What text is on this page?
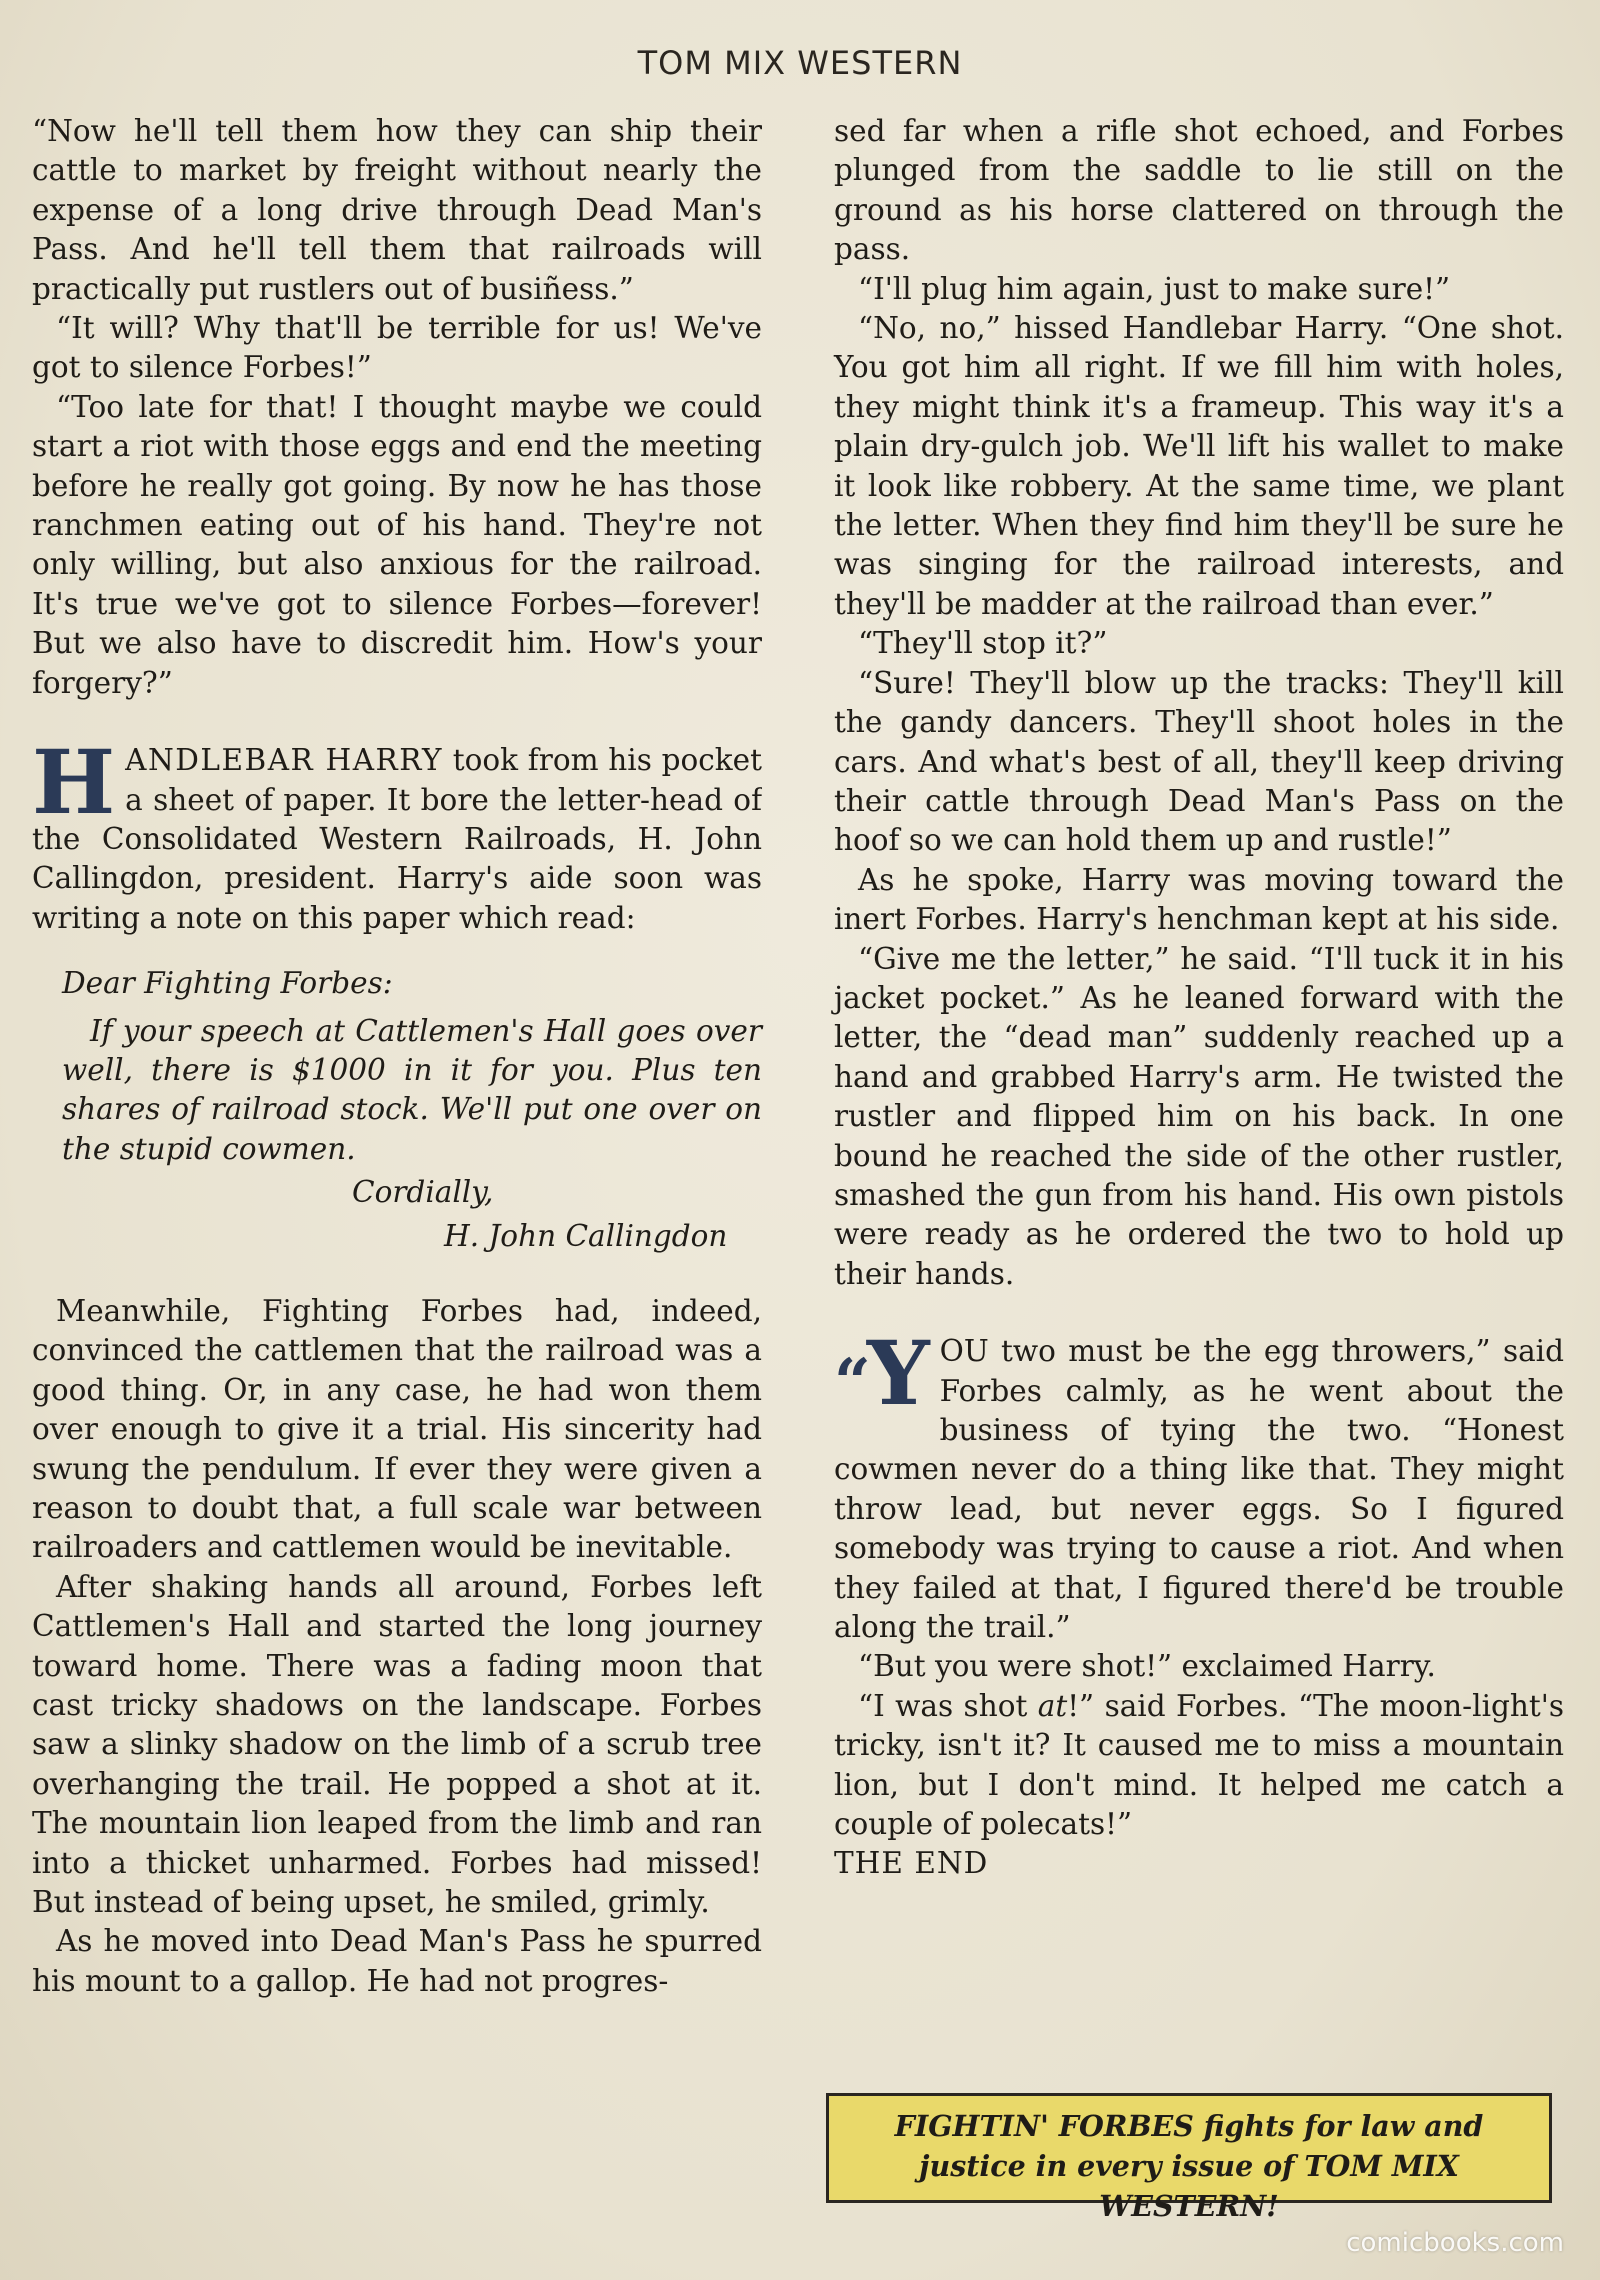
TOM MIX WESTERN

“Now he'll tell them how they can ship their cattle to market by freight without nearly the expense of a long drive through Dead Man's Pass. And he'll tell them that railroads will practically put rustlers out of busiñess.”

“It will? Why that'll be terrible for us! We've got to silence Forbes!”

“Too late for that! I thought maybe we could start a riot with those eggs and end the meeting before he really got going. By now he has those ranchmen eating out of his hand. They're not only willing, but also anxious for the railroad. It's true we've got to silence Forbes—forever! But we also have to discredit him. How's your forgery?”

HANDLEBAR HARRY took from his pocket a sheet of paper. It bore the letter-head of the Consolidated Western Railroads, H. John Callingdon, president. Harry's aide soon was writing a note on this paper which read:

Dear Fighting Forbes:

If your speech at Cattlemen's Hall goes over well, there is $1000 in it for you. Plus ten shares of railroad stock. We'll put one over on the stupid cowmen.

Cordially,

H. John Callingdon

Meanwhile, Fighting Forbes had, indeed, convinced the cattlemen that the railroad was a good thing. Or, in any case, he had won them over enough to give it a trial. His sincerity had swung the pendulum. If ever they were given a reason to doubt that, a full scale war between railroaders and cattlemen would be inevitable.

After shaking hands all around, Forbes left Cattlemen's Hall and started the long journey toward home. There was a fading moon that cast tricky shadows on the landscape. Forbes saw a slinky shadow on the limb of a scrub tree overhanging the trail. He popped a shot at it. The mountain lion leaped from the limb and ran into a thicket unharmed. Forbes had missed! But instead of being upset, he smiled, grimly.

As he moved into Dead Man's Pass he spurred his mount to a gallop. He had not progres-

sed far when a rifle shot echoed, and Forbes plunged from the saddle to lie still on the ground as his horse clattered on through the pass.

“I'll plug him again, just to make sure!”

“No, no,” hissed Handlebar Harry. “One shot. You got him all right. If we fill him with holes, they might think it's a frameup. This way it's a plain dry-gulch job. We'll lift his wallet to make it look like robbery. At the same time, we plant the letter. When they find him they'll be sure he was singing for the railroad interests, and they'll be madder at the railroad than ever.”

“They'll stop it?”

“Sure! They'll blow up the tracks: They'll kill the gandy dancers. They'll shoot holes in the cars. And what's best of all, they'll keep driving their cattle through Dead Man's Pass on the hoof so we can hold them up and rustle!”

As he spoke, Harry was moving toward the inert Forbes. Harry's henchman kept at his side.

“Give me the letter,” he said. “I'll tuck it in his jacket pocket.” As he leaned forward with the letter, the “dead man” suddenly reached up a hand and grabbed Harry's arm. He twisted the rustler and flipped him on his back. In one bound he reached the side of the other rustler, smashed the gun from his hand. His own pistols were ready as he ordered the two to hold up their hands.

“Y OU two must be the egg throwers,” said Forbes calmly, as he went about the business of tying the two. “Honest cowmen never do a thing like that. They might throw lead, but never eggs. So I figured somebody was trying to cause a riot. And when they failed at that, I figured there'd be trouble along the trail.”

“But you were shot!” exclaimed Harry.

“I was shot at!” said Forbes. “The moon-light's tricky, isn't it? It caused me to miss a mountain lion, but I don't mind. It helped me catch a couple of polecats!”

THE END

FIGHTIN' FORBES fights for law and justice in every issue of TOM MIX WESTERN!
comicbooks.com
